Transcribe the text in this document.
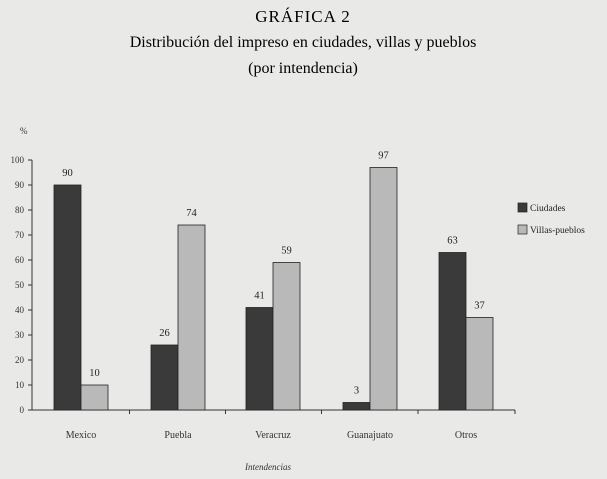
GRÁFICA 2
Distribución del impreso en ciudades, villas y pueblos
(por intendencia)
%
Intendencias
0
10
20
30
40
50
60
70
80
90
100
90
26
41
3
63
10
74
59
97
37
Mexico	Puebla	Veracruz	Guanajuato	Otros
Ciudades
Villas-pueblos
